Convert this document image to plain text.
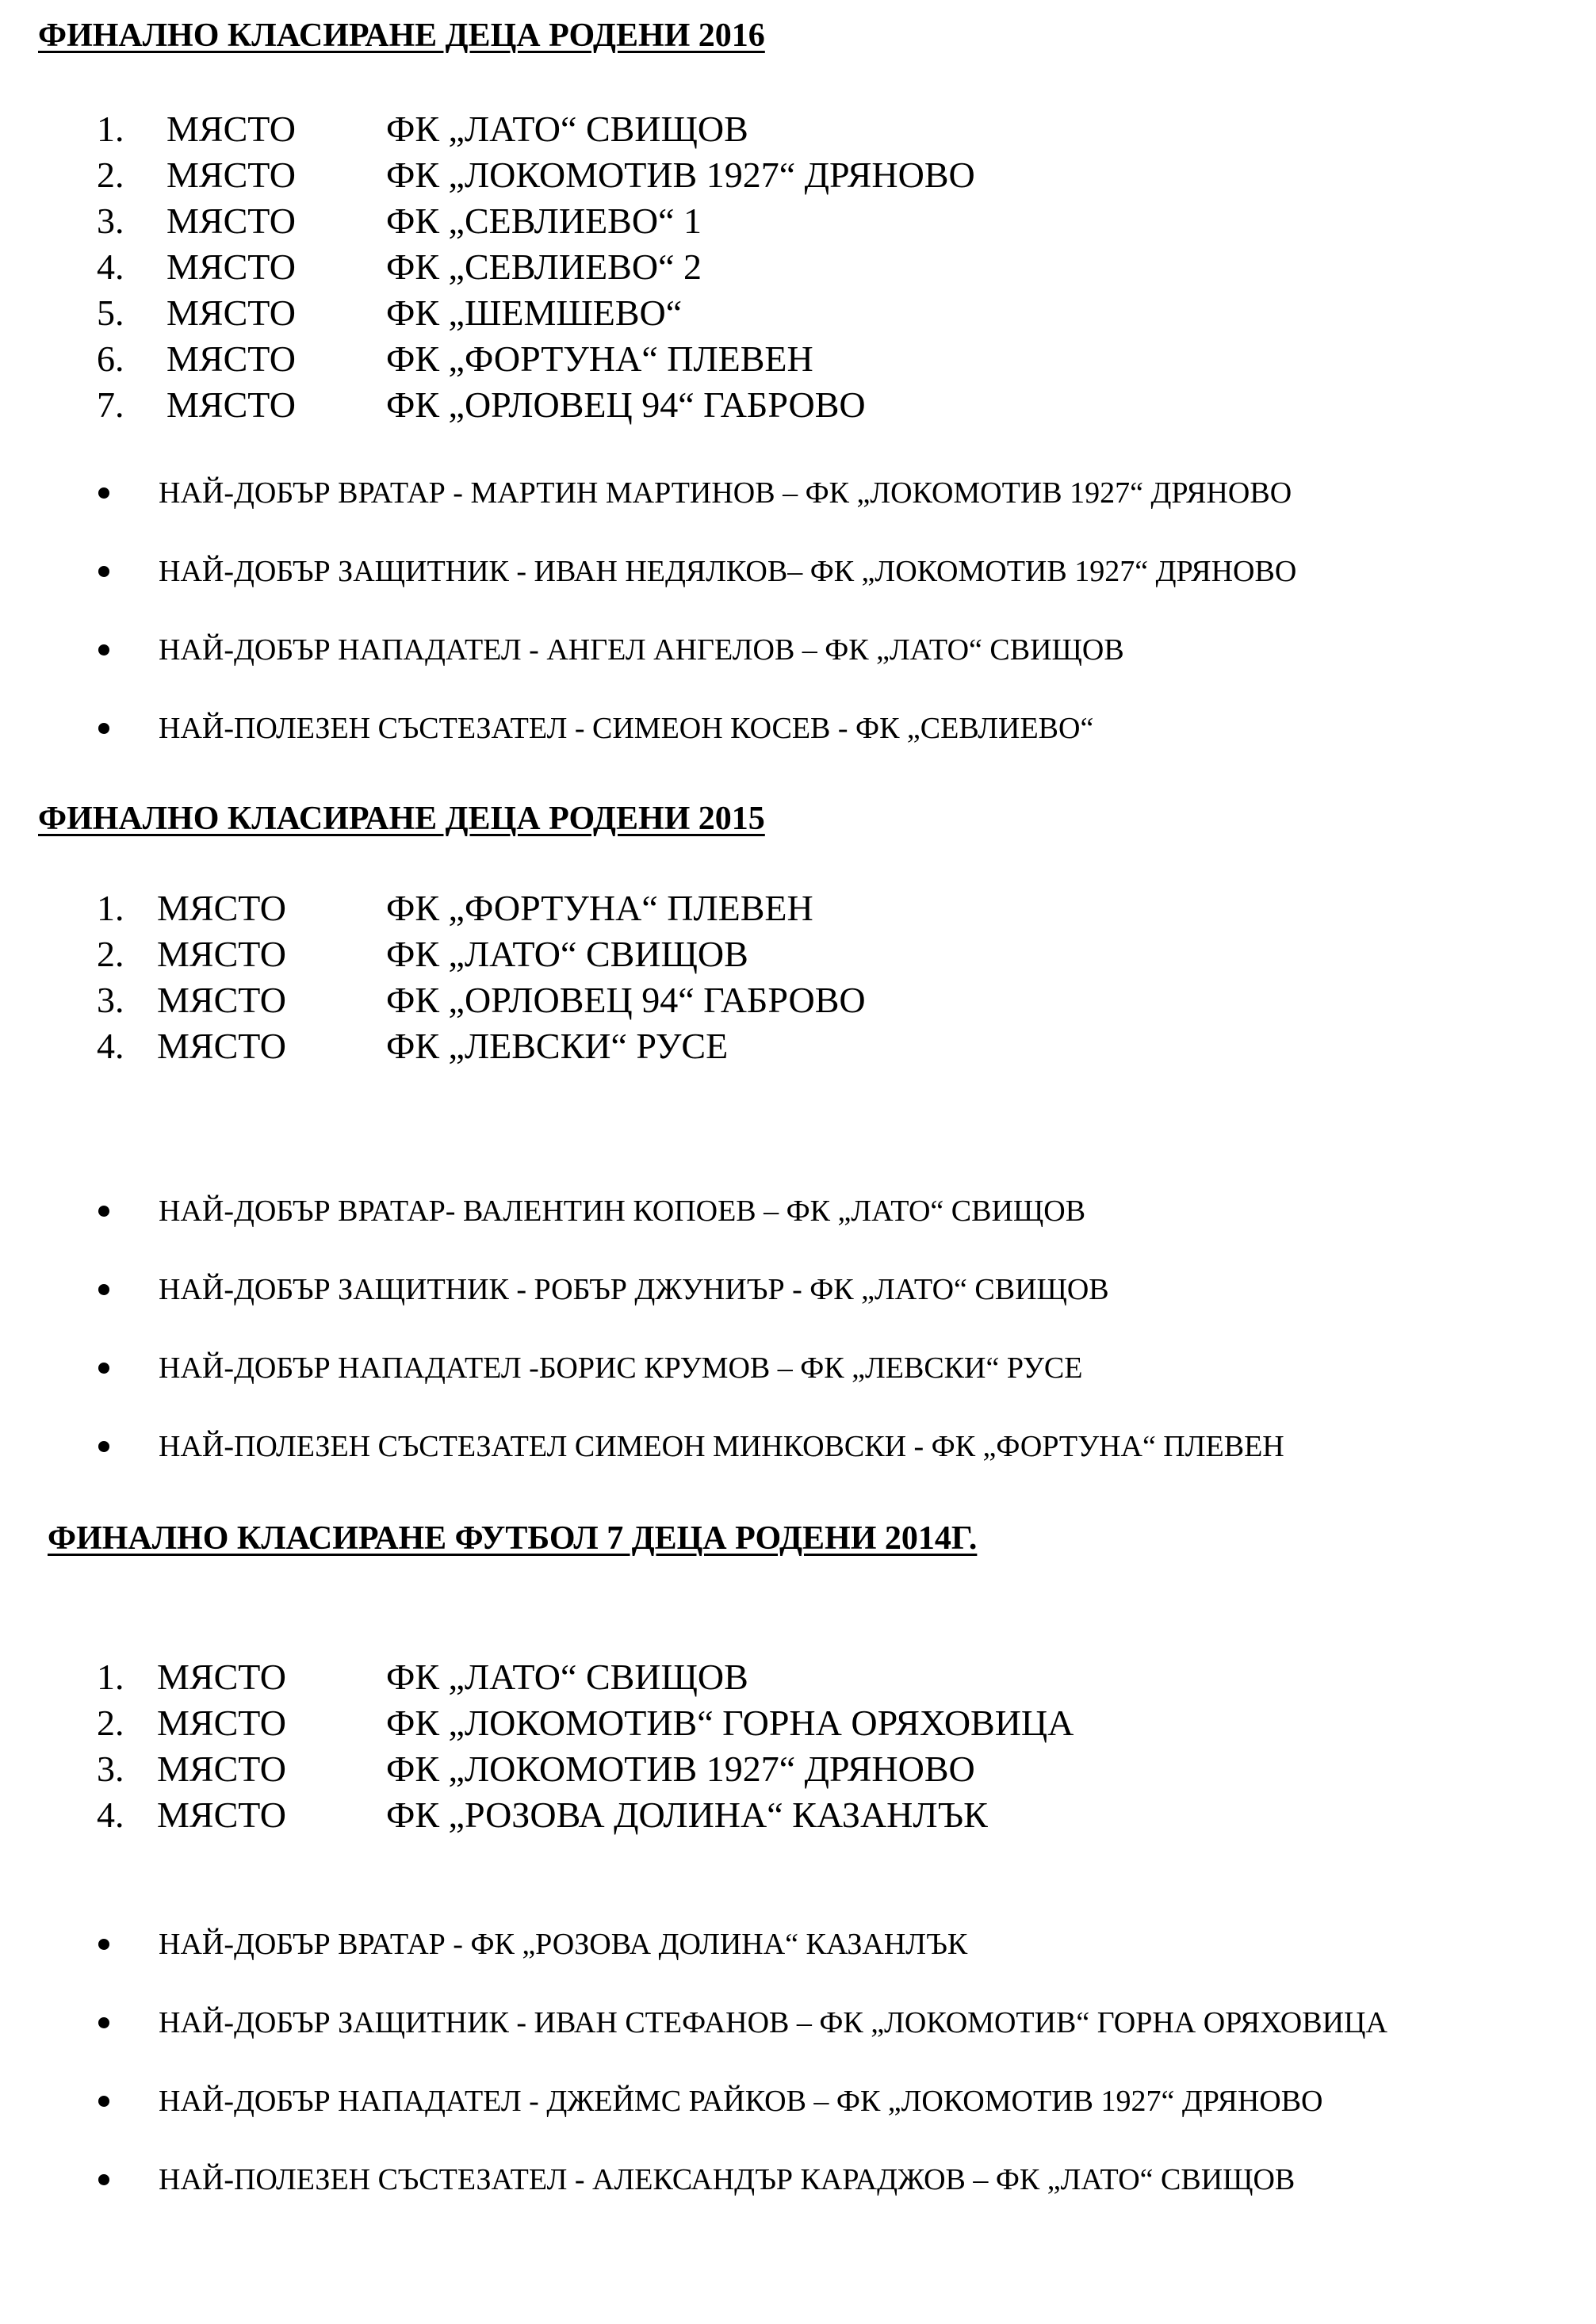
ФИНАЛНО КЛАСИРАНЕ ДЕЦА РОДЕНИ 2016
1. МЯСТО ФК „ЛАТО“ СВИЩОВ
2. МЯСТО ФК „ЛОКОМОТИВ 1927“ ДРЯНОВО
3. МЯСТО ФК „СЕВЛИЕВО“ 1
4. МЯСТО ФК „СЕВЛИЕВО“ 2
5. МЯСТО ФК „ШЕМШЕВО“
6. МЯСТО ФК „ФОРТУНА“ ПЛЕВЕН
7. МЯСТО ФК „ОРЛОВЕЦ 94“ ГАБРОВО
НАЙ-ДОБЪР ВРАТАР - МАРТИН МАРТИНОВ – ФК „ЛОКОМОТИВ 1927“ ДРЯНОВО
НАЙ-ДОБЪР ЗАЩИТНИК - ИВАН НЕДЯЛКОВ– ФК „ЛОКОМОТИВ 1927“ ДРЯНОВО
НАЙ-ДОБЪР НАПАДАТЕЛ - АНГЕЛ АНГЕЛОВ – ФК „ЛАТО“ СВИЩОВ
НАЙ-ПОЛЕЗЕН СЪСТЕЗАТЕЛ - СИМЕОН КОСЕВ - ФК „СЕВЛИЕВО“
ФИНАЛНО КЛАСИРАНЕ ДЕЦА РОДЕНИ 2015
1. МЯСТО	ФК „ФОРТУНА“ ПЛЕВЕН
2. МЯСТО	ФК „ЛАТО“ СВИЩОВ
3. МЯСТО	ФК „ОРЛОВЕЦ 94“ ГАБРОВО
4. МЯСТО	ФК „ЛЕВСКИ“ РУСЕ
НАЙ-ДОБЪР ВРАТАР- ВАЛЕНТИН КОПОЕВ – ФК „ЛАТО“ СВИЩОВ
НАЙ-ДОБЪР ЗАЩИТНИК - РОБЪР ДЖУНИЪР - ФК „ЛАТО“ СВИЩОВ
НАЙ-ДОБЪР НАПАДАТЕЛ -БОРИС КРУМОВ – ФК „ЛЕВСКИ“ РУСЕ
НАЙ-ПОЛЕЗЕН СЪСТЕЗАТЕЛ СИМЕОН МИНКОВСКИ - ФК „ФОРТУНА“ ПЛЕВЕН
ФИНАЛНО КЛАСИРАНЕ ФУТБОЛ 7 ДЕЦА РОДЕНИ 2014Г.
1. МЯСТО	ФК „ЛАТО“ СВИЩОВ
2. МЯСТО	ФК „ЛОКОМОТИВ“ ГОРНА ОРЯХОВИЦА
3. МЯСТО	ФК „ЛОКОМОТИВ 1927“ ДРЯНОВО
4. МЯСТО	ФК „РОЗОВА ДОЛИНА“ КАЗАНЛЪК
НАЙ-ДОБЪР ВРАТАР - ФК „РОЗОВА ДОЛИНА“ КАЗАНЛЪК
НАЙ-ДОБЪР ЗАЩИТНИК - ИВАН СТЕФАНОВ – ФК „ЛОКОМОТИВ“ ГОРНА ОРЯХОВИЦА
НАЙ-ДОБЪР НАПАДАТЕЛ - ДЖЕЙМС РАЙКОВ – ФК „ЛОКОМОТИВ 1927“ ДРЯНОВО
НАЙ-ПОЛЕЗЕН СЪСТЕЗАТЕЛ - АЛЕКСАНДЪР КАРАДЖОВ – ФК „ЛАТО“ СВИЩОВ
